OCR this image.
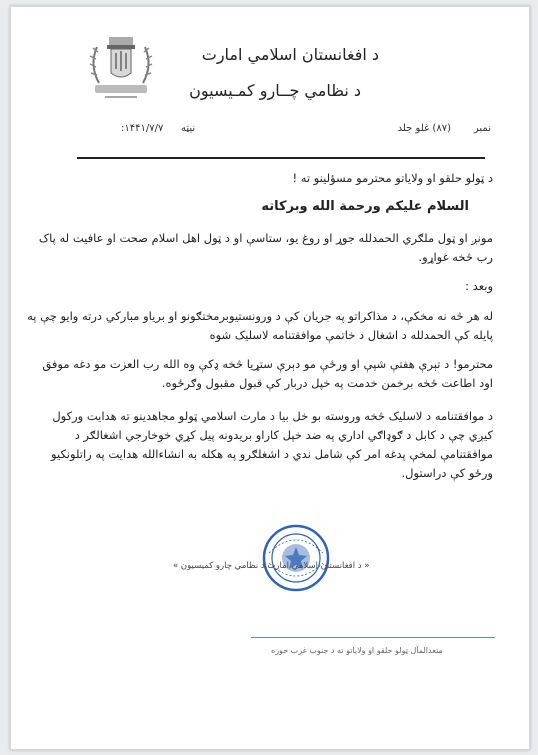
د افغانستان اسلامي امارت
د نظامي چــارو کمـيسيون
نمبر
(۸۷) غلو جلد
نیټه
۱۴۴۱/۷/۷:
د ټولو حلقو او ولایاتو محترمو مسؤلینو ته !
السلام علیکم ورحمة الله وبرکاته
مونږ او ټول ملګري الحمدلله جوړ او روغ یو، ستاسې او د ټول اهل اسلام صحت او عافیت له پاک رب څخه غواړو.
وبعد :
له هر څه نه مخکې، د مذاکراتو په جریان کې د ورونستیوبرمختګونو او بریاو مبارکي درته وایو چې په پایله کې الحمدلله د اشغال د خاتمې موافقتنامه لاسلیک شوه
محترمو! د تېرې هفتې شپې او ورځې مو دېرې ستړیا څخه ډکې وه الله رب العزت مو دغه موفق اود اطاعت څخه برخمن خدمت په خپل دربار کې قبول مقبول وګرځوه.
د موافقتنامه د لاسلیک څخه وروسته بو خل بیا د مارت اسلامي ټولو مجاهدینو ته هدایت ورکول کیږي چې د کابل د ګوډاګي اداري په ضد خپل کاراو بریدونه پیل کړي خوخارجي اشغالګر د موافقتنامې لمخې پدغه امر کې شامل ندي د اشغلګرو په هکله به انشاءالله هدایت په راتلونکیو ورځو کې دراستول.
« د افغانستان اسلامي امارت د نظامي چارو کمیسیون »
متعدالمآل ټولو حلقو او ولایاتو ته د جنوب غرب حوزه
